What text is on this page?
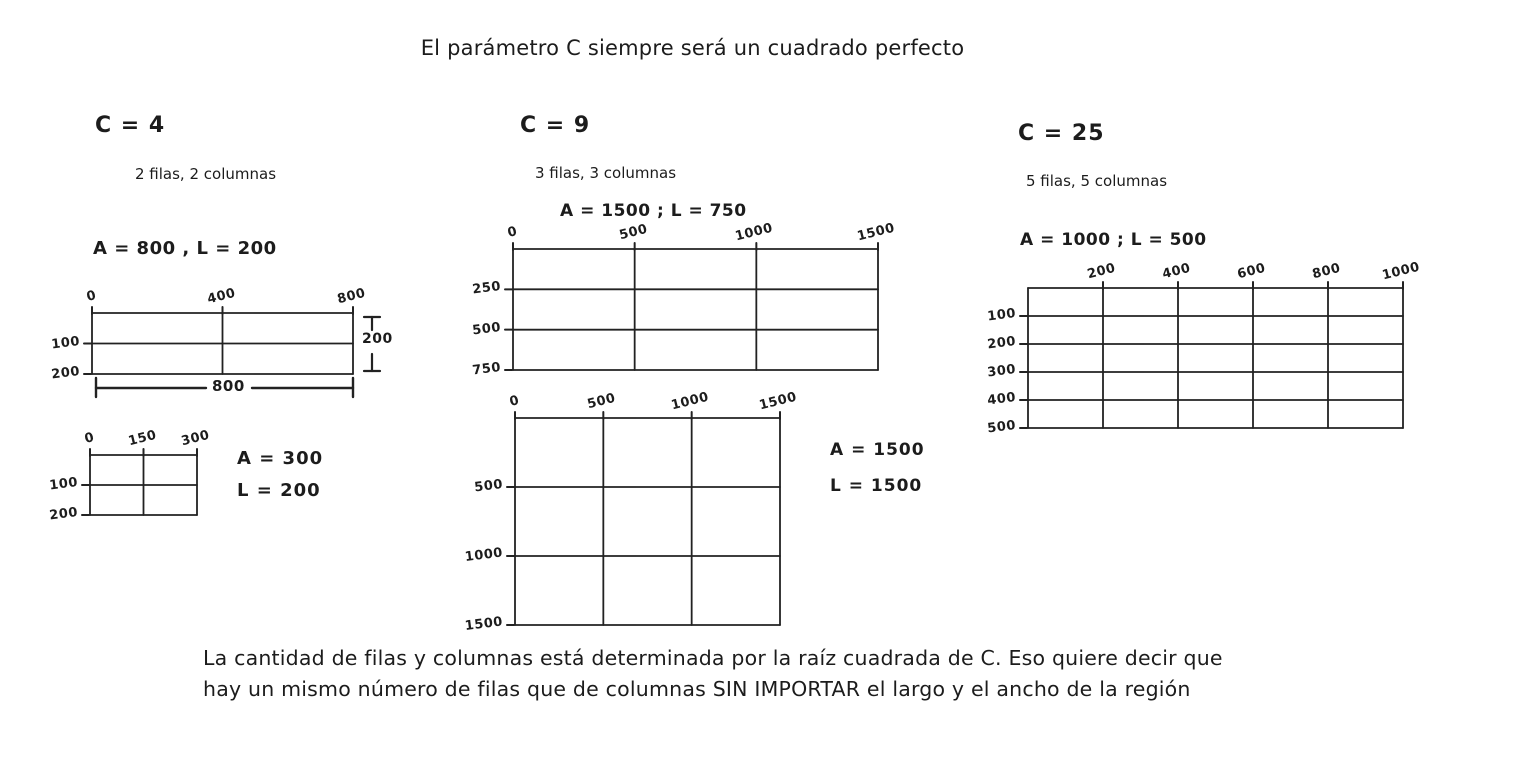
El parámetro C siempre será un cuadrado perfecto
C = 4
2 filas, 2 columnas
A = 800 , L = 200
C = 9
3 filas, 3 columnas
A = 1500 ; L = 750
C = 25
5 filas, 5 columnas
A = 1000 ; L = 500
0	400	800
100
200
0 150 300
100
200
0	500	1000	1500
250
500
750
0	500	1000	1500
500
1000
1500
200	400	600	800	1000
100
200
300
400
500
200
800
A = 300
L = 200
A = 1500
L = 1500
La cantidad de filas y columnas está determinada por la raíz cuadrada de C. Eso quiere decir que
hay un mismo número de filas que de columnas SIN IMPORTAR el largo y el ancho de la región
